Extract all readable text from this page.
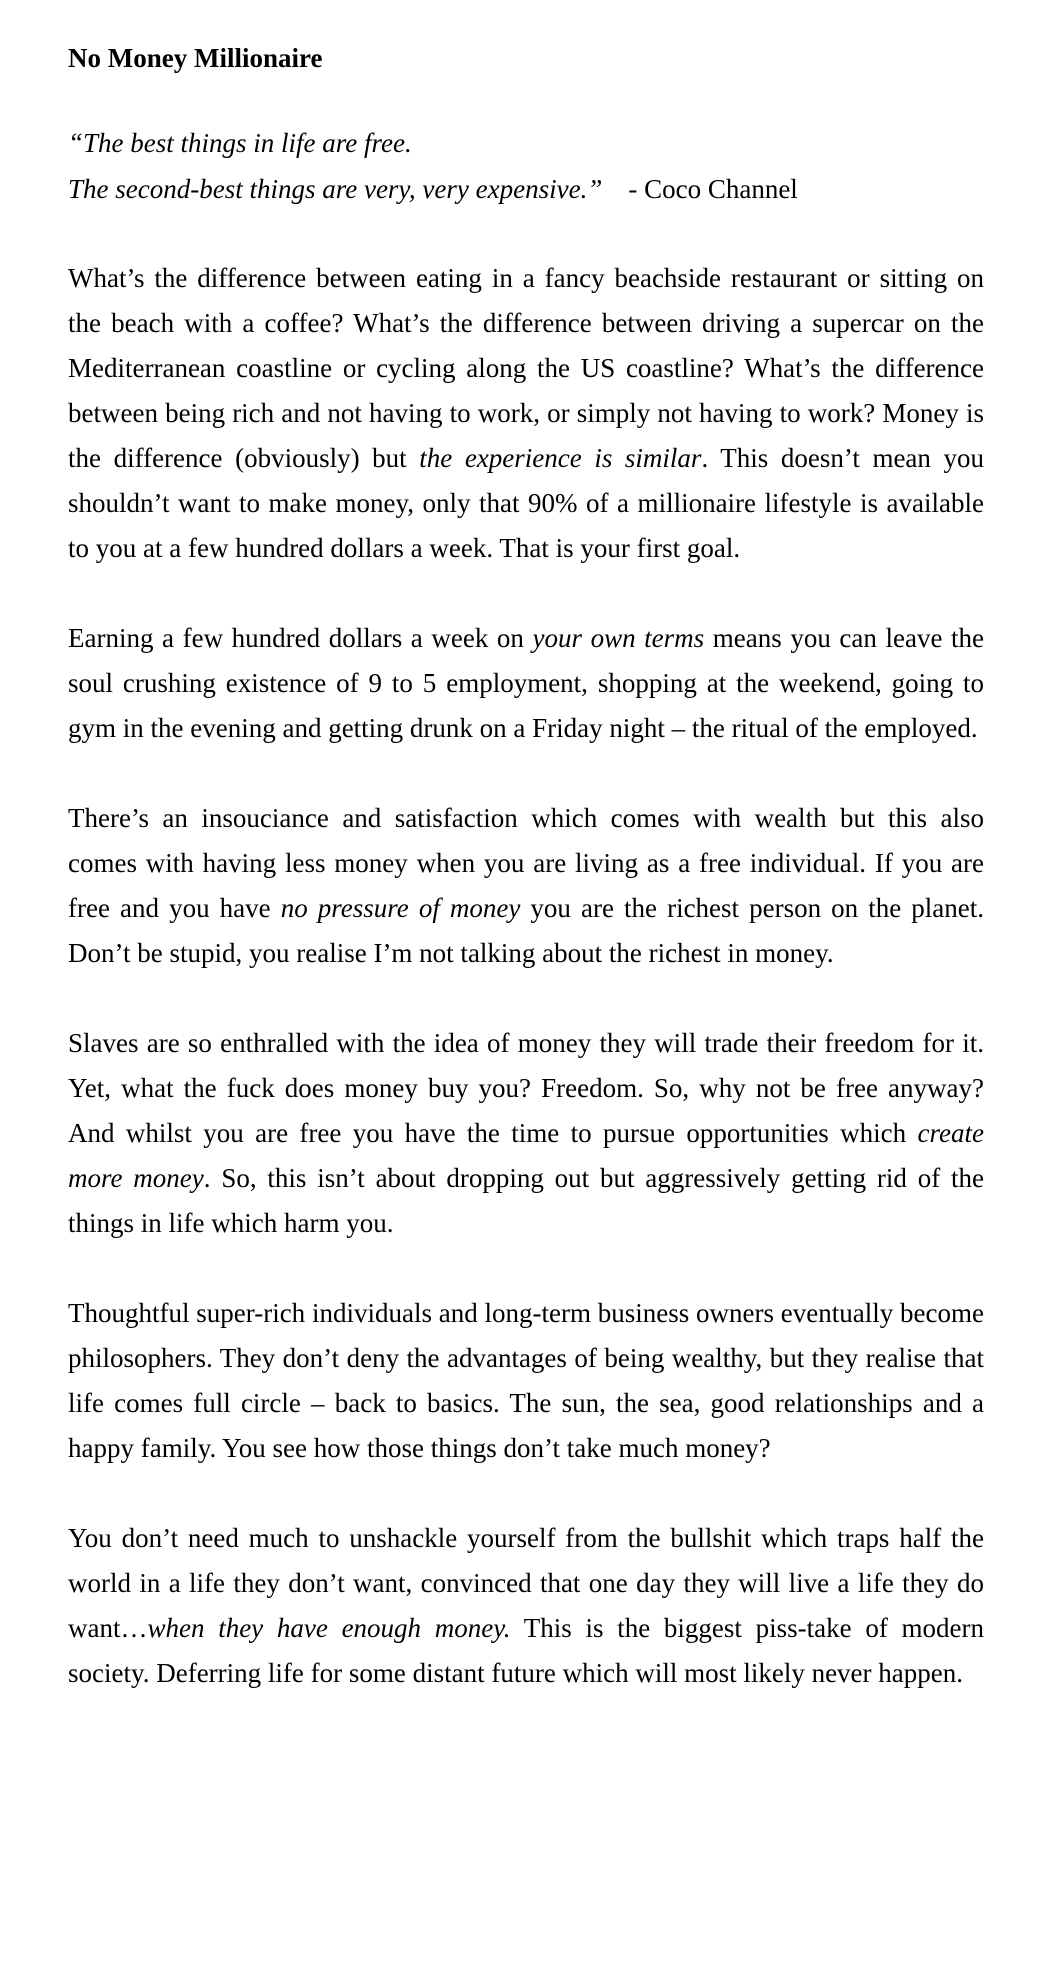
No Money Millionaire
“The best things in life are free.
The second-best things are very, very expensive.” - Coco Channel

What’s the difference between eating in a fancy beachside restaurant or sitting on the beach with a coffee? What’s the difference between driving a supercar on the Mediterranean coastline or cycling along the US coastline? What’s the difference between being rich and not having to work, or simply not having to work? Money is the difference (obviously) but the experience is similar. This doesn’t mean you shouldn’t want to make money, only that 90% of a millionaire lifestyle is available to you at a few hundred dollars a week. That is your first goal.

Earning a few hundred dollars a week on your own terms means you can leave the soul crushing existence of 9 to 5 employment, shopping at the weekend, going to gym in the evening and getting drunk on a Friday night – the ritual of the employed.

There’s an insouciance and satisfaction which comes with wealth but this also comes with having less money when you are living as a free individual. If you are free and you have no pressure of money you are the richest person on the planet. Don’t be stupid, you realise I’m not talking about the richest in money.

Slaves are so enthralled with the idea of money they will trade their freedom for it. Yet, what the fuck does money buy you? Freedom. So, why not be free anyway? And whilst you are free you have the time to pursue opportunities which create more money. So, this isn’t about dropping out but aggressively getting rid of the things in life which harm you.

Thoughtful super-rich individuals and long-term business owners eventually become philosophers. They don’t deny the advantages of being wealthy, but they realise that life comes full circle – back to basics. The sun, the sea, good relationships and a happy family. You see how those things don’t take much money?

You don’t need much to unshackle yourself from the bullshit which traps half the world in a life they don’t want, convinced that one day they will live a life they do want…when they have enough money. This is the biggest piss-take of modern society. Deferring life for some distant future which will most likely never happen.
